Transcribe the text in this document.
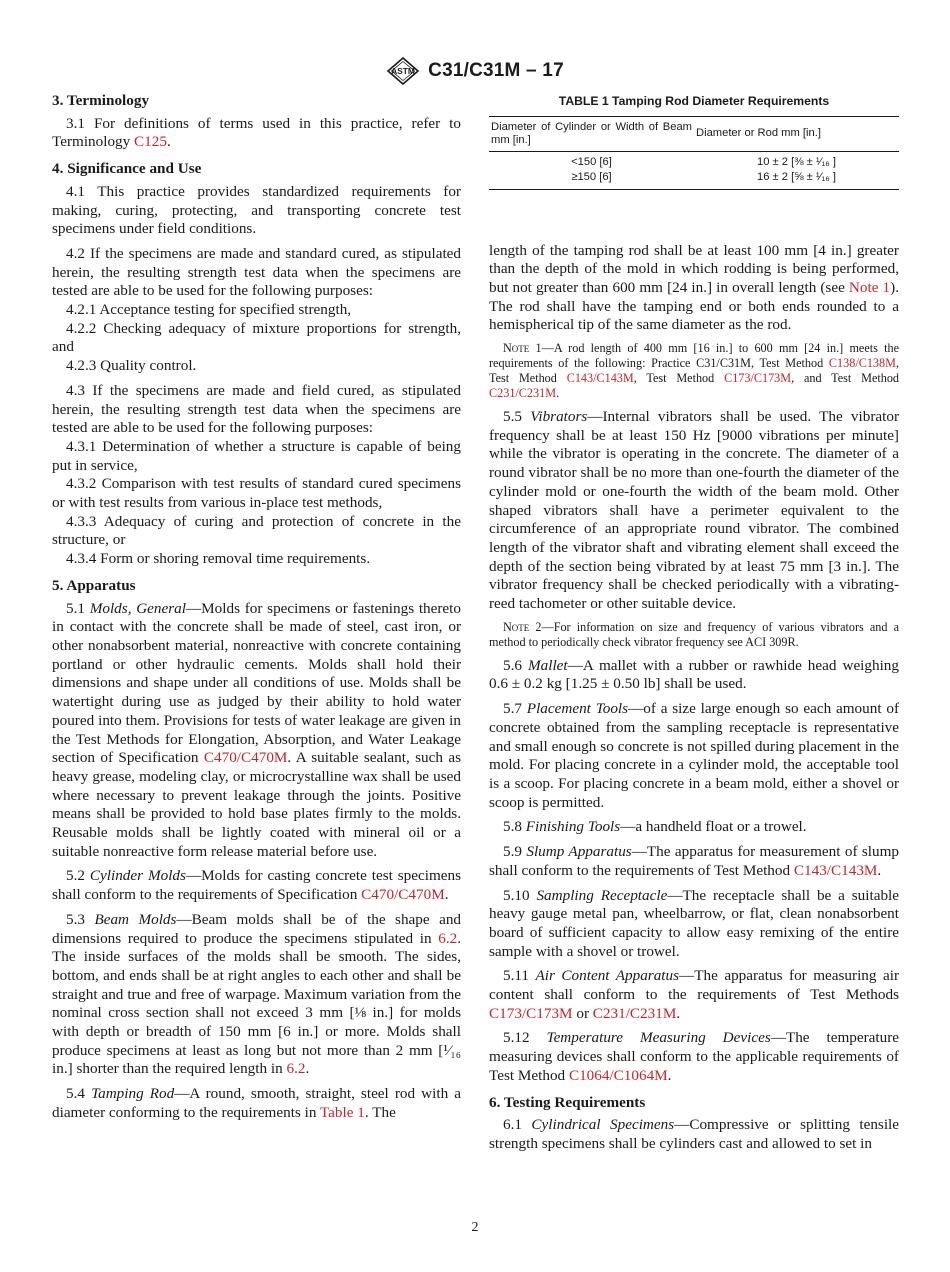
ASTM C31/C31M – 17
3. Terminology

3.1 For definitions of terms used in this practice, refer to Terminology C125.

4. Significance and Use

4.1 This practice provides standardized requirements for making, curing, protecting, and transporting concrete test specimens under field conditions.

4.2 If the specimens are made and standard cured, as stipulated herein, the resulting strength test data when the specimens are tested are able to be used for the following purposes:

4.2.1 Acceptance testing for specified strength,

4.2.2 Checking adequacy of mixture proportions for strength, and

4.2.3 Quality control.

4.3 If the specimens are made and field cured, as stipulated herein, the resulting strength test data when the specimens are tested are able to be used for the following purposes:

4.3.1 Determination of whether a structure is capable of being put in service,

4.3.2 Comparison with test results of standard cured specimens or with test results from various in-place test methods,

4.3.3 Adequacy of curing and protection of concrete in the structure, or

4.3.4 Form or shoring removal time requirements.

5. Apparatus

5.1 Molds, General—Molds for specimens or fastenings thereto in contact with the concrete shall be made of steel, cast iron, or other nonabsorbent material, nonreactive with concrete containing portland or other hydraulic cements. Molds shall hold their dimensions and shape under all conditions of use. Molds shall be watertight during use as judged by their ability to hold water poured into them. Provisions for tests of water leakage are given in the Test Methods for Elongation, Absorption, and Water Leakage section of Specification C470/C470M. A suitable sealant, such as heavy grease, modeling clay, or microcrystalline wax shall be used where necessary to prevent leakage through the joints. Positive means shall be provided to hold base plates firmly to the molds. Reusable molds shall be lightly coated with mineral oil or a suitable nonreactive form release material before use.

5.2 Cylinder Molds—Molds for casting concrete test specimens shall conform to the requirements of Specification C470/C470M.

5.3 Beam Molds—Beam molds shall be of the shape and dimensions required to produce the specimens stipulated in 6.2. The inside surfaces of the molds shall be smooth. The sides, bottom, and ends shall be at right angles to each other and shall be straight and true and free of warpage. Maximum variation from the nominal cross section shall not exceed 3 mm [⅛ in.] for molds with depth or breadth of 150 mm [6 in.] or more. Molds shall produce specimens at least as long but not more than 2 mm [¹⁄₁₆ in.] shorter than the required length in 6.2.

5.4 Tamping Rod—A round, smooth, straight, steel rod with a diameter conforming to the requirements in Table 1. The

TABLE 1 Tamping Rod Diameter Requirements
Diameter of Cylinder or Width of Beam mm [in.]	Diameter or Rod mm [in.]
<150 [6]	10 ± 2 [⅜ ± ¹⁄₁₆ ]
≥150 [6]	16 ± 2 [⅝ ± ¹⁄₁₆ ]

length of the tamping rod shall be at least 100 mm [4 in.] greater than the depth of the mold in which rodding is being performed, but not greater than 600 mm [24 in.] in overall length (see Note 1). The rod shall have the tamping end or both ends rounded to a hemispherical tip of the same diameter as the rod.

Note 1—A rod length of 400 mm [16 in.] to 600 mm [24 in.] meets the requirements of the following: Practice C31/C31M, Test Method C138/C138M, Test Method C143/C143M, Test Method C173/C173M, and Test Method C231/C231M.

5.5 Vibrators—Internal vibrators shall be used. The vibrator frequency shall be at least 150 Hz [9000 vibrations per minute] while the vibrator is operating in the concrete. The diameter of a round vibrator shall be no more than one-fourth the diameter of the cylinder mold or one-fourth the width of the beam mold. Other shaped vibrators shall have a perimeter equivalent to the circumference of an appropriate round vibrator. The combined length of the vibrator shaft and vibrating element shall exceed the depth of the section being vibrated by at least 75 mm [3 in.]. The vibrator frequency shall be checked periodically with a vibrating-reed tachometer or other suitable device.

Note 2—For information on size and frequency of various vibrators and a method to periodically check vibrator frequency see ACI 309R.

5.6 Mallet—A mallet with a rubber or rawhide head weighing 0.6 ± 0.2 kg [1.25 ± 0.50 lb] shall be used.

5.7 Placement Tools—of a size large enough so each amount of concrete obtained from the sampling receptacle is representative and small enough so concrete is not spilled during placement in the mold. For placing concrete in a cylinder mold, the acceptable tool is a scoop. For placing concrete in a beam mold, either a shovel or scoop is permitted.

5.8 Finishing Tools—a handheld float or a trowel.

5.9 Slump Apparatus—The apparatus for measurement of slump shall conform to the requirements of Test Method C143/C143M.

5.10 Sampling Receptacle—The receptacle shall be a suitable heavy gauge metal pan, wheelbarrow, or flat, clean nonabsorbent board of sufficient capacity to allow easy remixing of the entire sample with a shovel or trowel.

5.11 Air Content Apparatus—The apparatus for measuring air content shall conform to the requirements of Test Methods C173/C173M or C231/C231M.

5.12 Temperature Measuring Devices—The temperature measuring devices shall conform to the applicable requirements of Test Method C1064/C1064M.

6. Testing Requirements

6.1 Cylindrical Specimens—Compressive or splitting tensile strength specimens shall be cylinders cast and allowed to set in

2
